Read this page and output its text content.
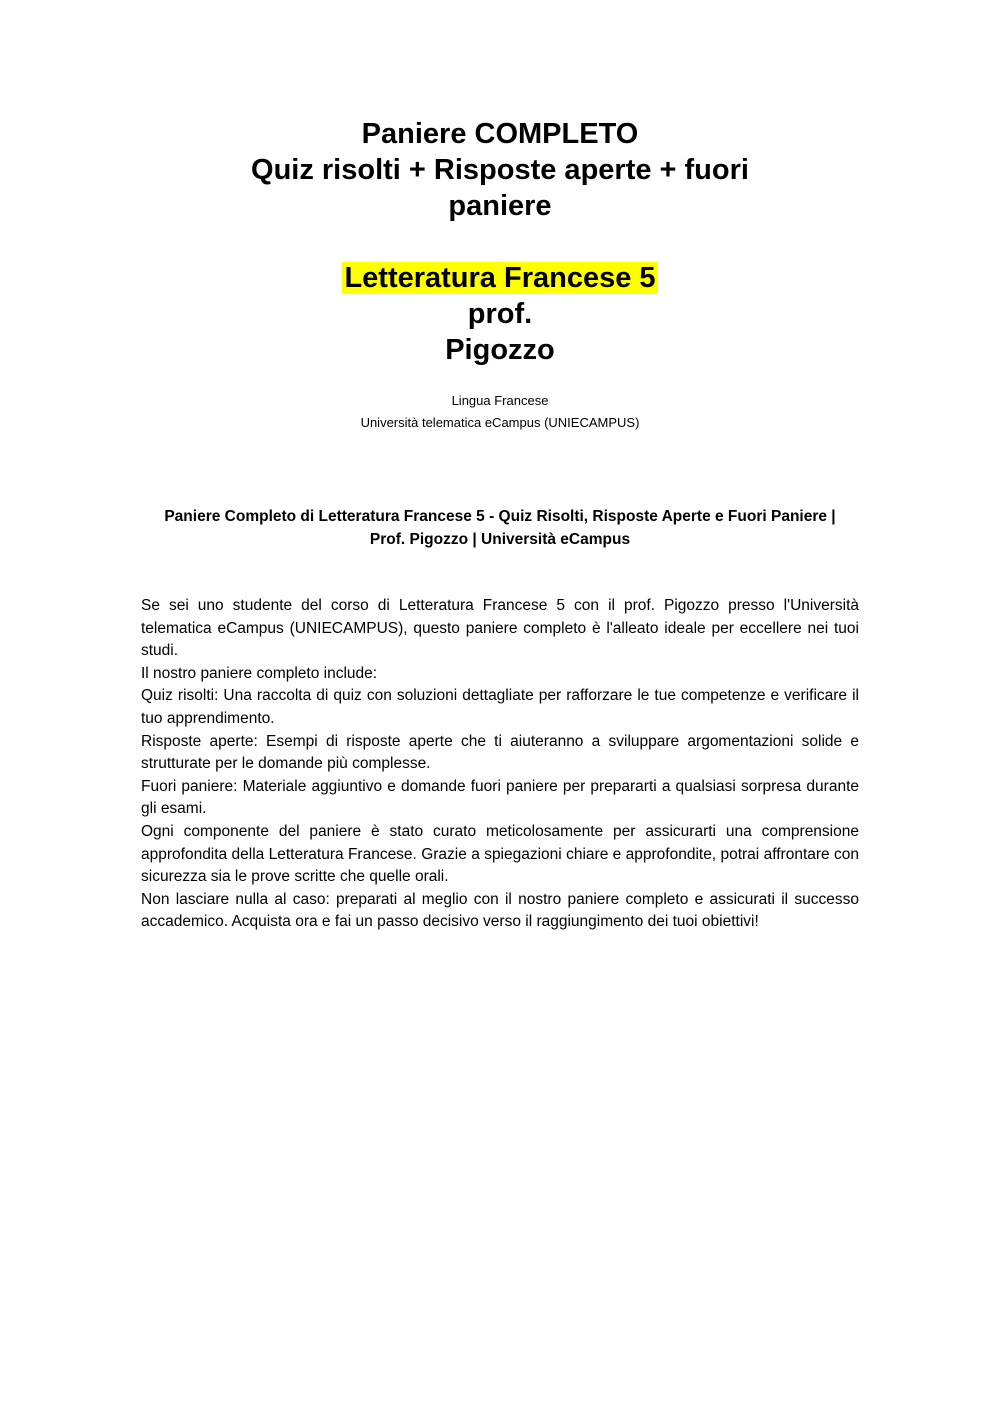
Paniere COMPLETO
Quiz risolti + Risposte aperte + fuori
paniere
Letteratura Francese 5
prof.
Pigozzo
Lingua Francese
Università telematica eCampus (UNIECAMPUS)
Paniere Completo di Letteratura Francese 5 - Quiz Risolti, Risposte Aperte e Fuori Paniere |
Prof. Pigozzo | Università eCampus

Se sei uno studente del corso di Letteratura Francese 5 con il prof. Pigozzo presso l'Università telematica eCampus (UNIECAMPUS), questo paniere completo è l'alleato ideale per eccellere nei tuoi studi.

Il nostro paniere completo include:

Quiz risolti: Una raccolta di quiz con soluzioni dettagliate per rafforzare le tue competenze e verificare il tuo apprendimento.

Risposte aperte: Esempi di risposte aperte che ti aiuteranno a sviluppare argomentazioni solide e strutturate per le domande più complesse.

Fuori paniere: Materiale aggiuntivo e domande fuori paniere per prepararti a qualsiasi sorpresa durante gli esami.

Ogni componente del paniere è stato curato meticolosamente per assicurarti una comprensione approfondita della Letteratura Francese. Grazie a spiegazioni chiare e approfondite, potrai affrontare con sicurezza sia le prove scritte che quelle orali.

Non lasciare nulla al caso: preparati al meglio con il nostro paniere completo e assicurati il successo accademico. Acquista ora e fai un passo decisivo verso il raggiungimento dei tuoi obiettivi!
